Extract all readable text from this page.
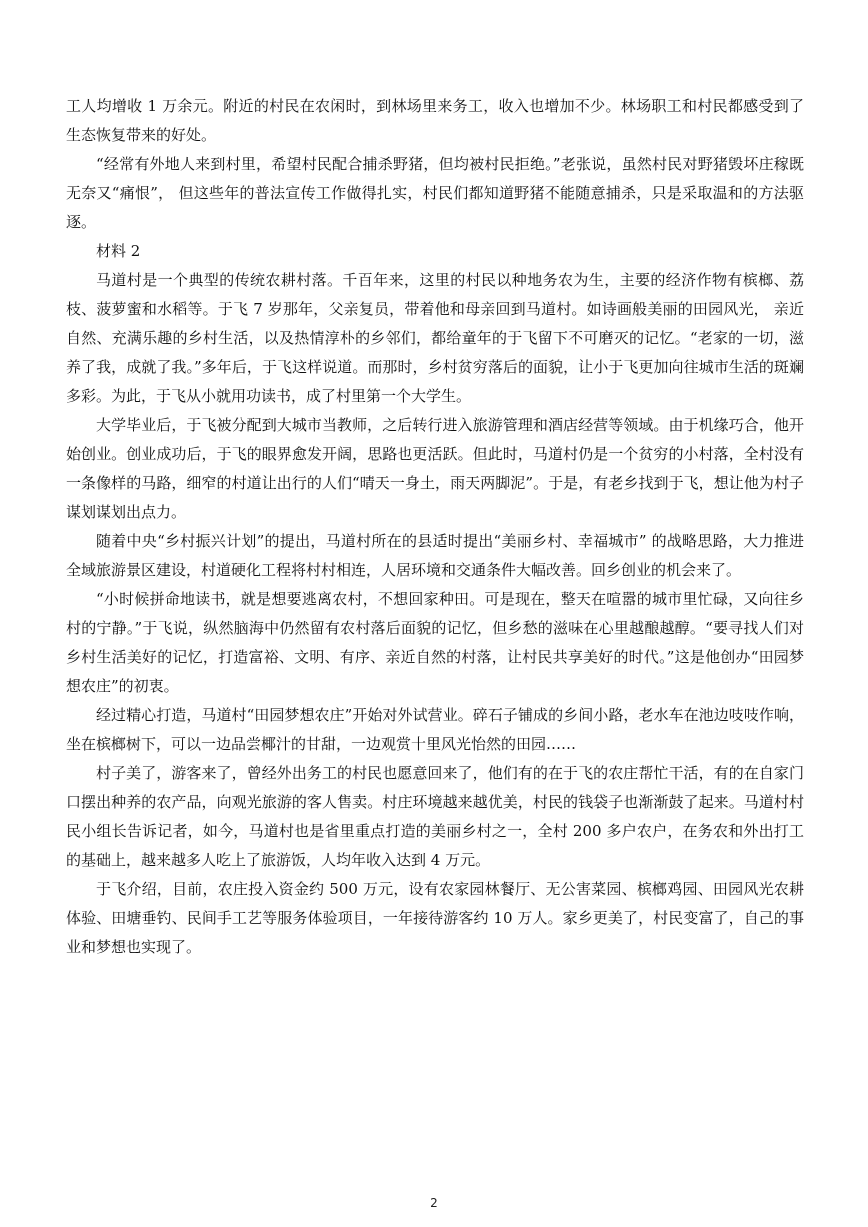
工人均增收 1 万余元。附近的村民在农闲时，到林场里来务工，收入也增加不少。林场职工和村民都感受到了生态恢复带来的好处。

“经常有外地人来到村里，希望村民配合捕杀野猪，但均被村民拒绝。”老张说，虽然村民对野猪毁坏庄稼既无奈又“痛恨”， 但这些年的普法宣传工作做得扎实，村民们都知道野猪不能随意捕杀，只是采取温和的方法驱逐。

材料 2

马道村是一个典型的传统农耕村落。千百年来，这里的村民以种地务农为生，主要的经济作物有槟榔、荔枝、菠萝蜜和水稻等。于飞 7 岁那年，父亲复员，带着他和母亲回到马道村。如诗画般美丽的田园风光， 亲近自然、充满乐趣的乡村生活，以及热情淳朴的乡邻们，都给童年的于飞留下不可磨灭的记忆。“老家的一切，滋养了我，成就了我。”多年后，于飞这样说道。而那时，乡村贫穷落后的面貌，让小于飞更加向往城市生活的斑斓多彩。为此，于飞从小就用功读书，成了村里第一个大学生。

大学毕业后，于飞被分配到大城市当教师，之后转行进入旅游管理和酒店经营等领域。由于机缘巧合，他开始创业。创业成功后，于飞的眼界愈发开阔，思路也更活跃。但此时，马道村仍是一个贫穷的小村落，全村没有一条像样的马路，细窄的村道让出行的人们“晴天一身土，雨天两脚泥”。于是，有老乡找到于飞，想让他为村子谋划谋划出点力。

随着中央“乡村振兴计划”的提出，马道村所在的县适时提出“美丽乡村、幸福城市” 的战略思路，大力推进全域旅游景区建设，村道硬化工程将村村相连，人居环境和交通条件大幅改善。回乡创业的机会来了。

“小时候拼命地读书，就是想要逃离农村，不想回家种田。可是现在，整天在喧嚣的城市里忙碌，又向往乡村的宁静。”于飞说，纵然脑海中仍然留有农村落后面貌的记忆，但乡愁的滋味在心里越酿越醇。“要寻找人们对乡村生活美好的记忆，打造富裕、文明、有序、亲近自然的村落，让村民共享美好的时代。”这是他创办“田园梦想农庄”的初衷。

经过精心打造，马道村“田园梦想农庄”开始对外试营业。碎石子铺成的乡间小路，老水车在池边吱吱作响，坐在槟榔树下，可以一边品尝椰汁的甘甜，一边观赏十里风光怡然的田园……

村子美了，游客来了，曾经外出务工的村民也愿意回来了，他们有的在于飞的农庄帮忙干活，有的在自家门口摆出种养的农产品，向观光旅游的客人售卖。村庄环境越来越优美，村民的钱袋子也渐渐鼓了起来。马道村村民小组长告诉记者，如今，马道村也是省里重点打造的美丽乡村之一，全村 200 多户农户，在务农和外出打工的基础上，越来越多人吃上了旅游饭，人均年收入达到 4 万元。

于飞介绍，目前，农庄投入资金约 500 万元，设有农家园林餐厅、无公害菜园、槟榔鸡园、田园风光农耕体验、田塘垂钓、民间手工艺等服务体验项目，一年接待游客约 10 万人。家乡更美了，村民变富了，自己的事业和梦想也实现了。

2
